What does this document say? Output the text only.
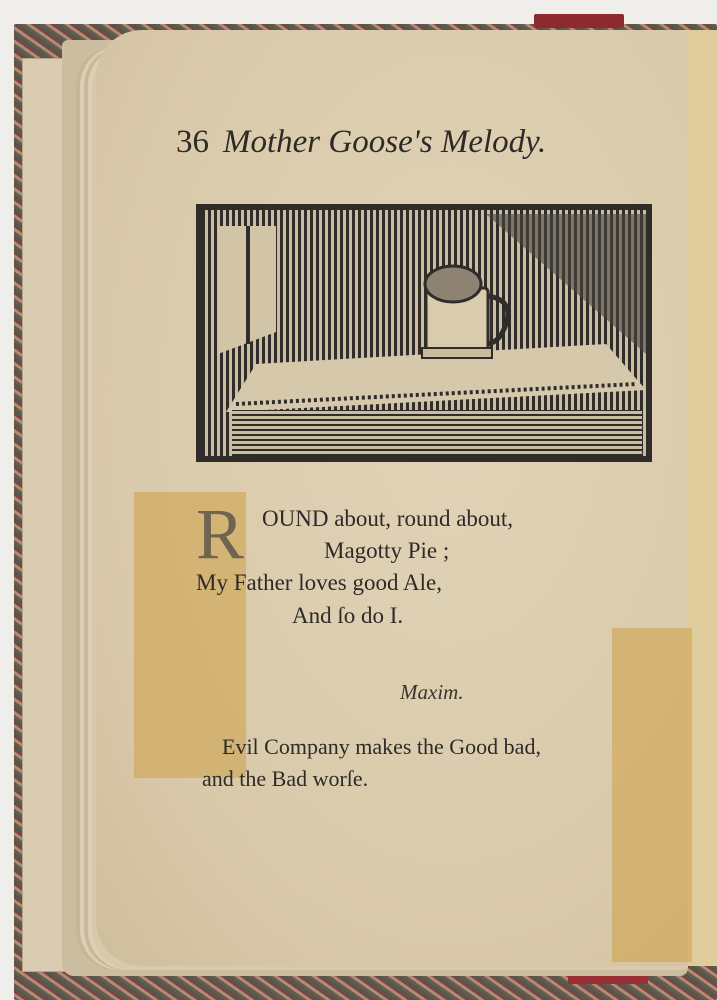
36 Mother Goose's Melody.
R OUND about, round about,
Magotty Pie ;
My Father loves good Ale,
And ſo do I.
Maxim.
Evil Company makes the Good bad,
and the Bad worſe.
